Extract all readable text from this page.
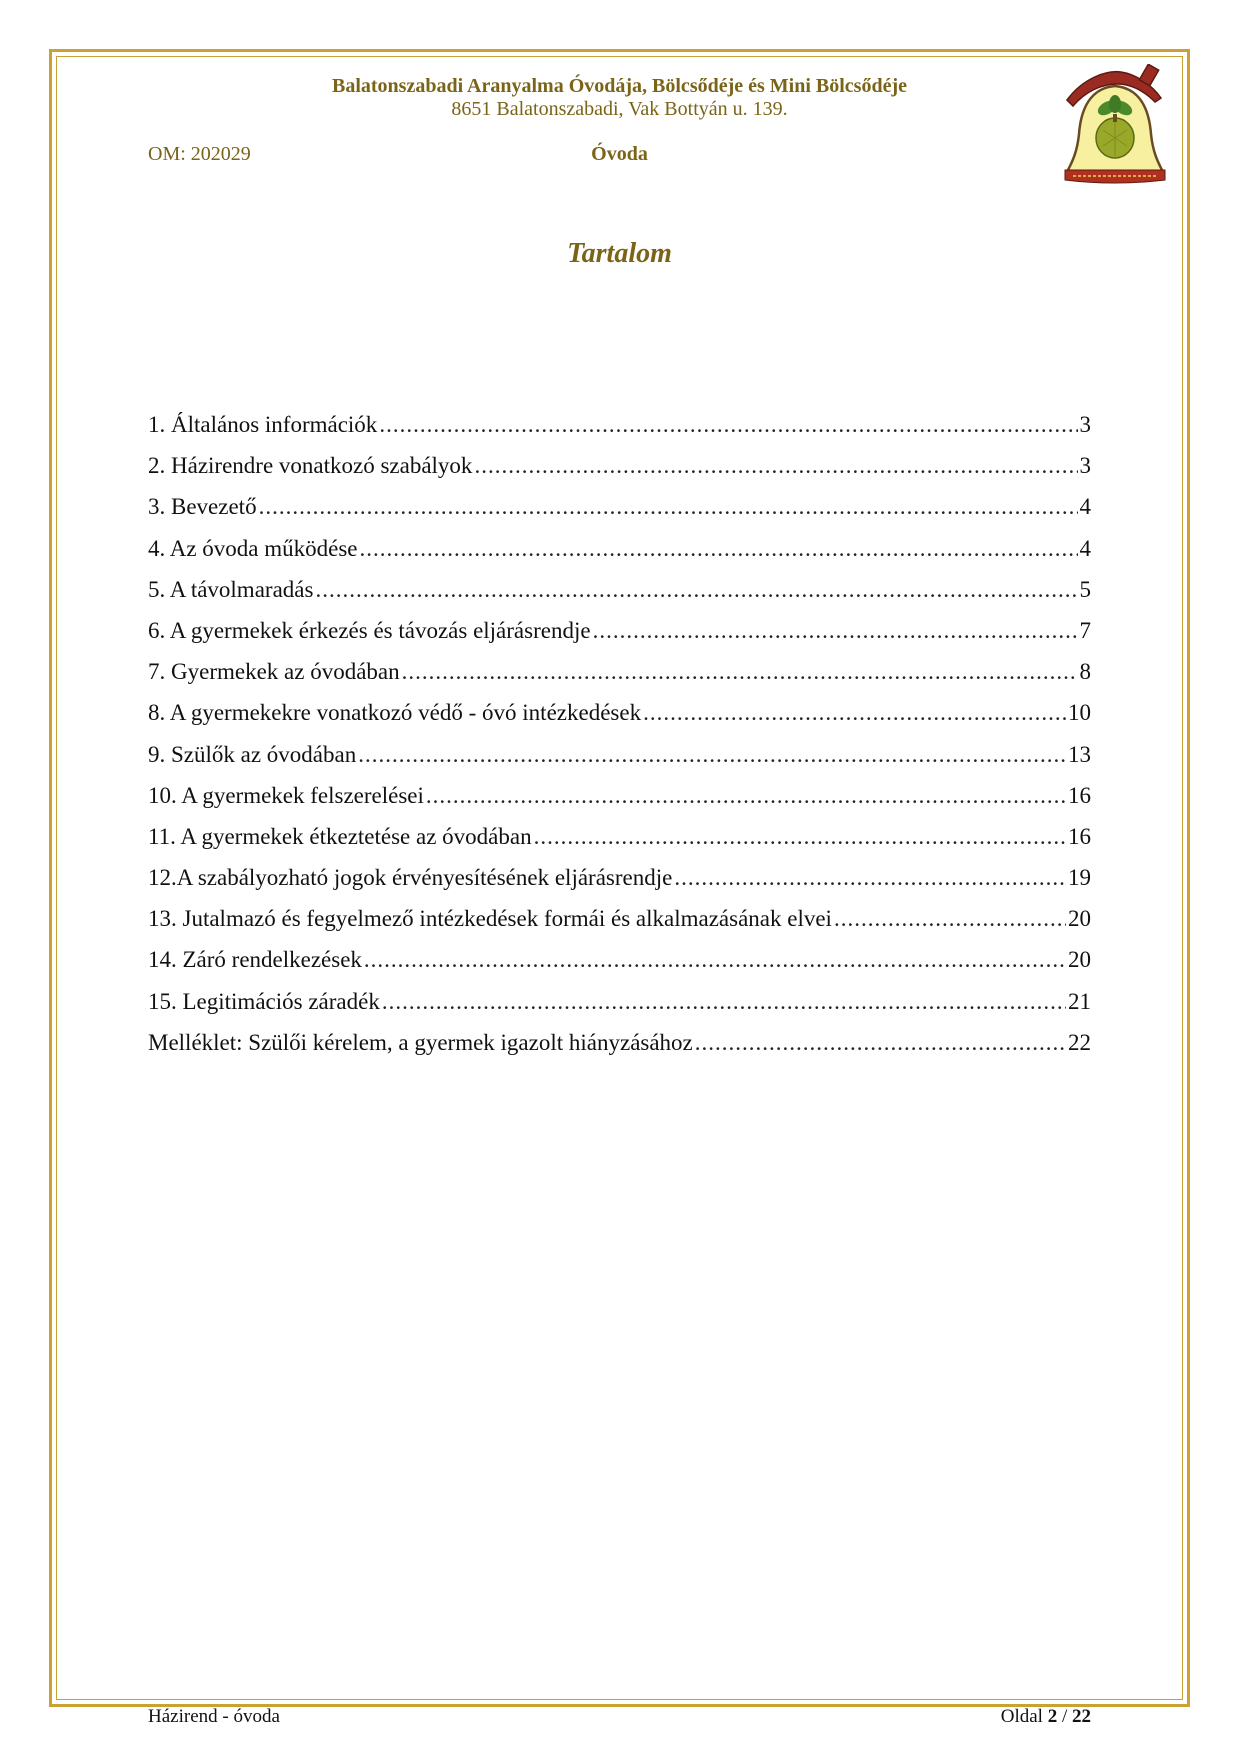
Balatonszabadi Aranyalma Óvodája, Bölcsődéje és Mini Bölcsődéje
8651 Balatonszabadi, Vak Bottyán u. 139.
OM: 202029	Óvoda
Tartalom
1. Általános információk .....	3
2. Házirendre vonatkozó szabályok .....	3
3. Bevezető .....	4
4. Az óvoda működése .....	4
5. A távolmaradás .....	5
6. A gyermekek érkezés és távozás eljárásrendje .....	7
7. Gyermekek az óvodában .....	8
8. A gyermekekre vonatkozó védő - óvó intézkedések .....	10
9. Szülők az óvodában .....	13
10. A gyermekek felszerelései .....	16
11. A gyermekek étkeztetése az óvodában .....	16
12.A szabályozható jogok érvényesítésének eljárásrendje .....	19
13. Jutalmazó és fegyelmező intézkedések formái és alkalmazásának elvei .....	20
14. Záró rendelkezések .....	20
15. Legitimációs záradék .....	21
Melléklet: Szülői kérelem, a gyermek igazolt hiányzásához .....	22
Házirend - óvoda	Oldal 2 / 22
